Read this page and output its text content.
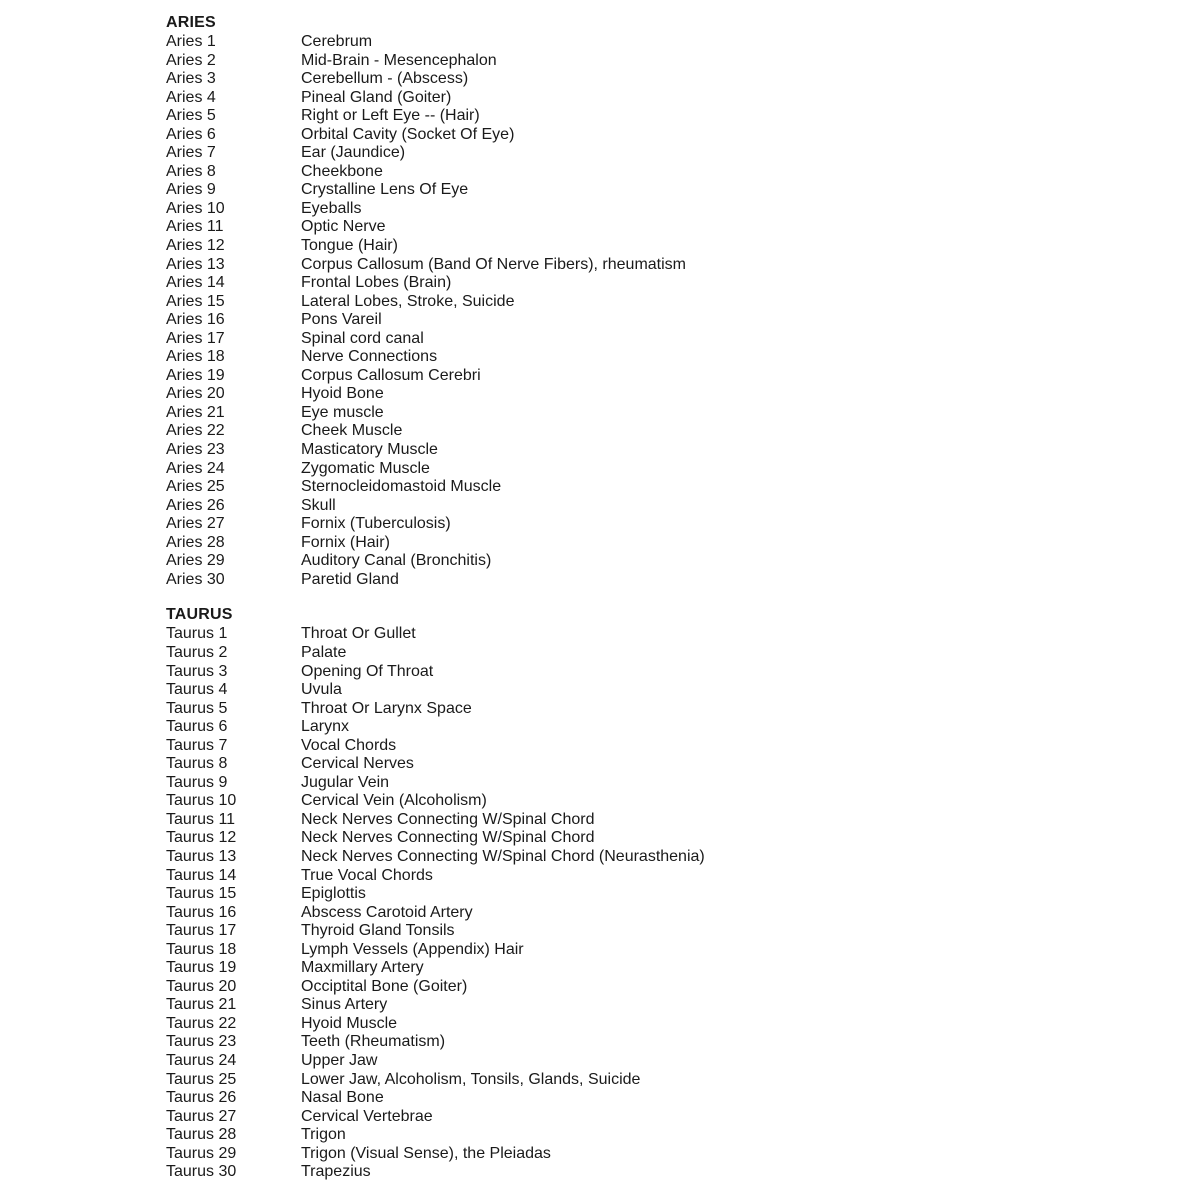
ARIES
Aries 1	Cerebrum
Aries 2	Mid-Brain - Mesencephalon
Aries 3	Cerebellum - (Abscess)
Aries 4	Pineal Gland (Goiter)
Aries 5	Right or Left Eye -- (Hair)
Aries 6	Orbital Cavity (Socket Of Eye)
Aries 7	Ear (Jaundice)
Aries 8	Cheekbone
Aries 9	Crystalline Lens Of Eye
Aries 10	Eyeballs
Aries 11	Optic Nerve
Aries 12	Tongue (Hair)
Aries 13	Corpus Callosum (Band Of Nerve Fibers), rheumatism
Aries 14	Frontal Lobes (Brain)
Aries 15	Lateral Lobes, Stroke, Suicide
Aries 16	Pons Vareil
Aries 17	Spinal cord canal
Aries 18	Nerve Connections
Aries 19	Corpus Callosum Cerebri
Aries 20	Hyoid Bone
Aries 21	Eye muscle
Aries 22	Cheek Muscle
Aries 23	Masticatory Muscle
Aries 24	Zygomatic Muscle
Aries 25	Sternocleidomastoid Muscle
Aries 26	Skull
Aries 27	Fornix (Tuberculosis)
Aries 28	Fornix (Hair)
Aries 29	Auditory Canal (Bronchitis)
Aries 30	Paretid Gland
TAURUS
Taurus 1	Throat Or Gullet
Taurus 2	Palate
Taurus 3	Opening Of Throat
Taurus 4	Uvula
Taurus 5	Throat Or Larynx Space
Taurus 6	Larynx
Taurus 7	Vocal Chords
Taurus 8	Cervical Nerves
Taurus 9	Jugular Vein
Taurus 10	Cervical Vein (Alcoholism)
Taurus 11	Neck Nerves Connecting W/Spinal Chord
Taurus 12	Neck Nerves Connecting W/Spinal Chord
Taurus 13	Neck Nerves Connecting W/Spinal Chord (Neurasthenia)
Taurus 14	True Vocal Chords
Taurus 15	Epiglottis
Taurus 16	Abscess Carotoid Artery
Taurus 17	Thyroid Gland Tonsils
Taurus 18	Lymph Vessels (Appendix) Hair
Taurus 19	Maxmillary Artery
Taurus 20	Occiptital Bone (Goiter)
Taurus 21	Sinus Artery
Taurus 22	Hyoid Muscle
Taurus 23	Teeth (Rheumatism)
Taurus 24	Upper Jaw
Taurus 25	Lower Jaw, Alcoholism, Tonsils, Glands, Suicide
Taurus 26	Nasal Bone
Taurus 27	Cervical Vertebrae
Taurus 28	Trigon
Taurus 29	Trigon (Visual Sense), the Pleiadas
Taurus 30	Trapezius
